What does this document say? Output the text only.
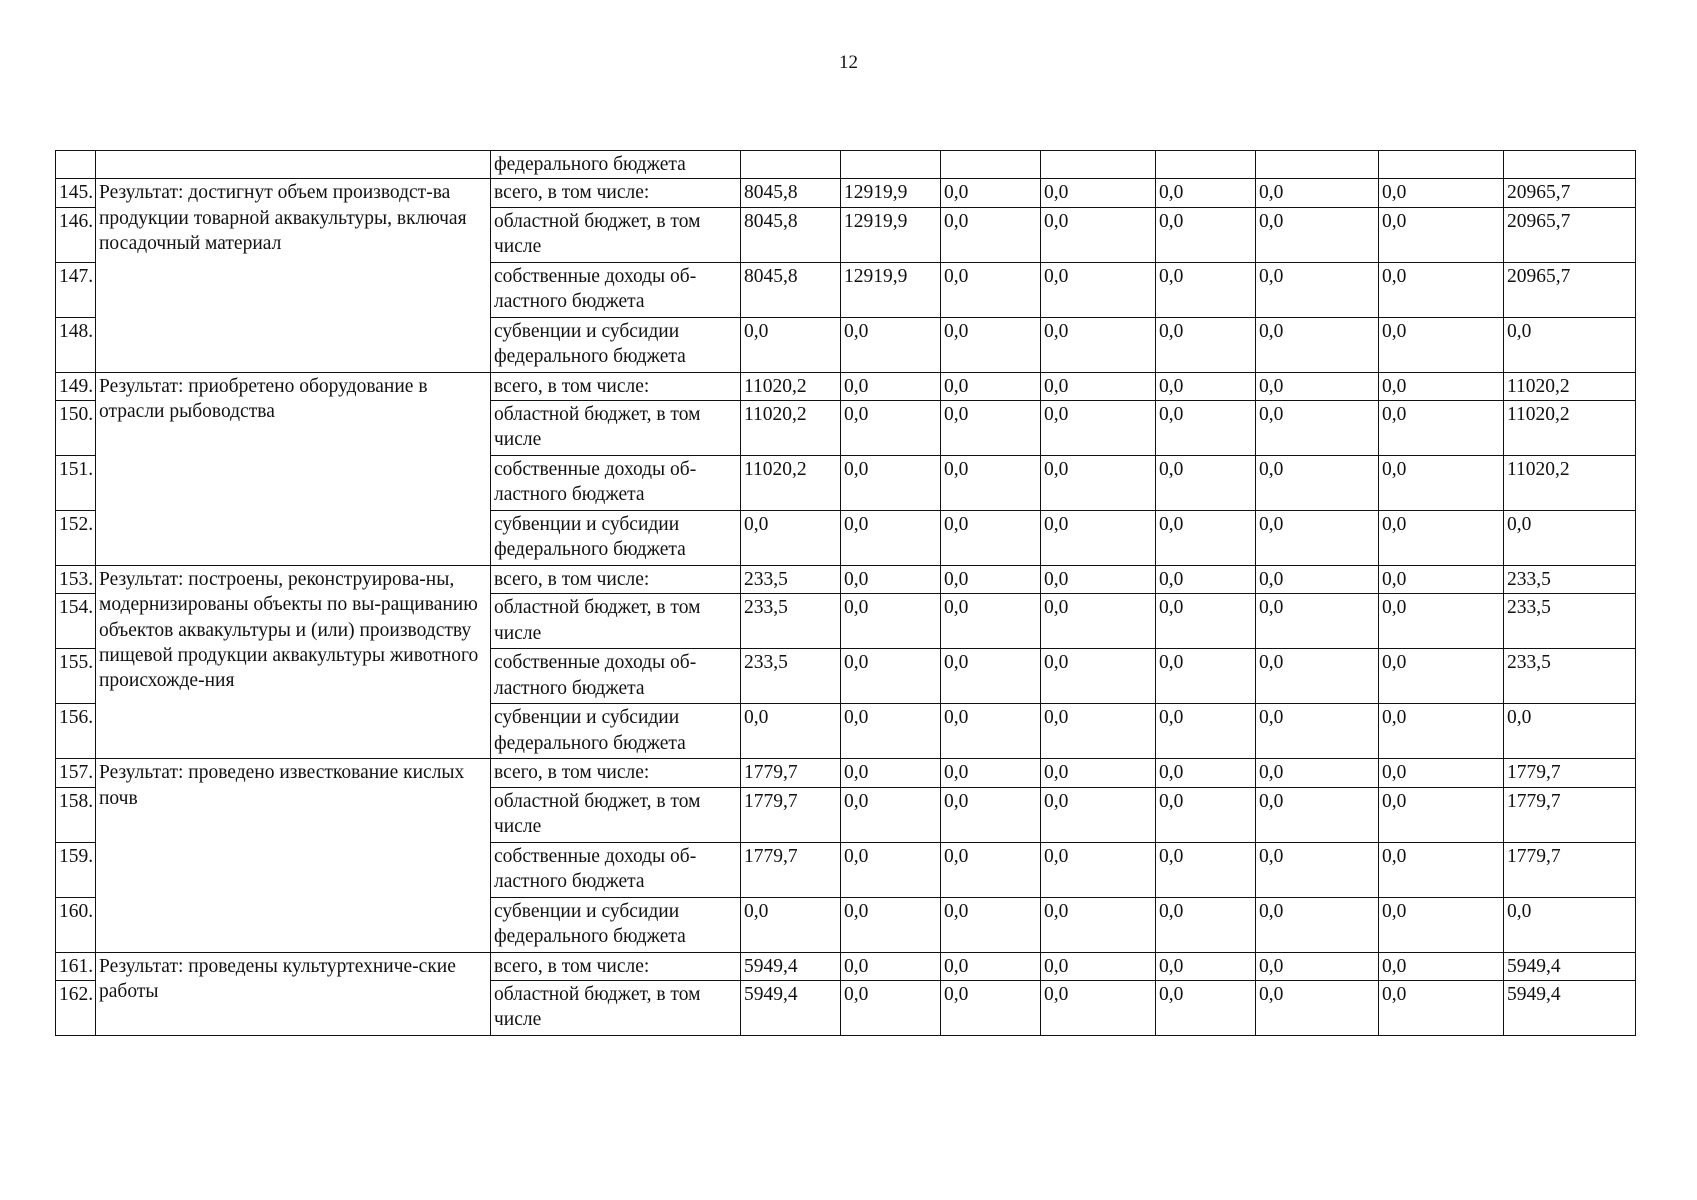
12
		федерального бюджета								
145.	Результат: достигнут объем производст-ва продукции товарной аквакультуры, включая посадочный материал	всего, в том числе:	8045,8	12919,9	0,0	0,0	0,0	0,0	0,0	20965,7
146.		областной бюджет, в том числе	8045,8	12919,9	0,0	0,0	0,0	0,0	0,0	20965,7
147.		собственные доходы об-ластного бюджета	8045,8	12919,9	0,0	0,0	0,0	0,0	0,0	20965,7
148.		субвенции и субсидии федерального бюджета	0,0	0,0	0,0	0,0	0,0	0,0	0,0	0,0
149.	Результат: приобретено оборудование в отрасли рыбоводства	всего, в том числе:	11020,2	0,0	0,0	0,0	0,0	0,0	0,0	11020,2
150.		областной бюджет, в том числе	11020,2	0,0	0,0	0,0	0,0	0,0	0,0	11020,2
151.		собственные доходы об-ластного бюджета	11020,2	0,0	0,0	0,0	0,0	0,0	0,0	11020,2
152.		субвенции и субсидии федерального бюджета	0,0	0,0	0,0	0,0	0,0	0,0	0,0	0,0
153.	Результат: построены, реконструирова-ны, модернизированы объекты по вы-ращиванию объектов аквакультуры и (или) производству пищевой продукции аквакультуры животного происхожде-ния	всего, в том числе:	233,5	0,0	0,0	0,0	0,0	0,0	0,0	233,5
154.		областной бюджет, в том числе	233,5	0,0	0,0	0,0	0,0	0,0	0,0	233,5
155.		собственные доходы об-ластного бюджета	233,5	0,0	0,0	0,0	0,0	0,0	0,0	233,5
156.		субвенции и субсидии федерального бюджета	0,0	0,0	0,0	0,0	0,0	0,0	0,0	0,0
157.	Результат: проведено известкование кислых почв	всего, в том числе:	1779,7	0,0	0,0	0,0	0,0	0,0	0,0	1779,7
158.		областной бюджет, в том числе	1779,7	0,0	0,0	0,0	0,0	0,0	0,0	1779,7
159.		собственные доходы об-ластного бюджета	1779,7	0,0	0,0	0,0	0,0	0,0	0,0	1779,7
160.		субвенции и субсидии федерального бюджета	0,0	0,0	0,0	0,0	0,0	0,0	0,0	0,0
161.	Результат: проведены культуртехниче-ские работы	всего, в том числе:	5949,4	0,0	0,0	0,0	0,0	0,0	0,0	5949,4
162.		областной бюджет, в том числе	5949,4	0,0	0,0	0,0	0,0	0,0	0,0	5949,4
